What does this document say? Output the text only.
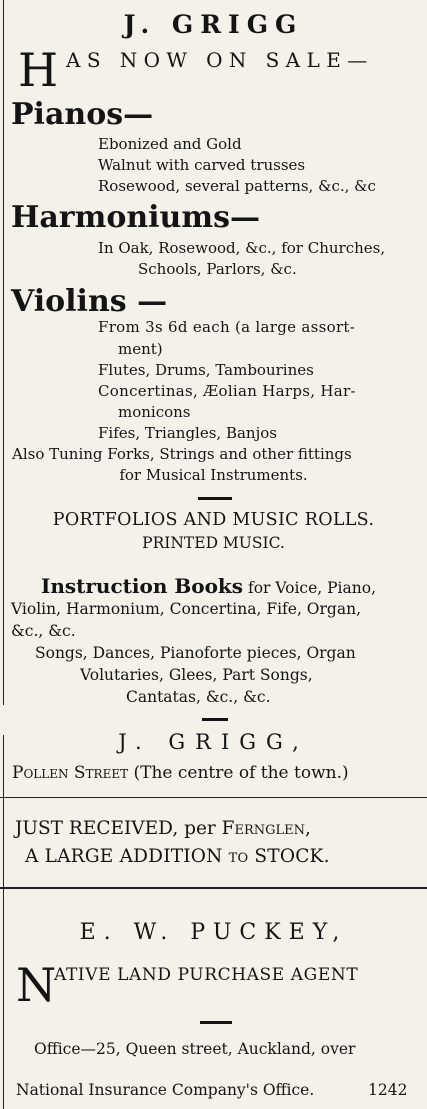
J. GRIGG
H AS NOW ON SALE—
Pianos—
Ebonized and Gold
Walnut with carved trusses
Rosewood, several patterns, &c., &c
Harmoniums—
In Oak, Rosewood, &c., for Churches,
Schools, Parlors, &c.
Violins —
From 3s 6d each (a large assort-
ment)
Flutes, Drums, Tambourines
Concertinas, Æolian Harps, Har-
monicons
Fifes, Triangles, Banjos
Also Tuning Forks, Strings and other fittings
for Musical Instruments.
PORTFOLIOS AND MUSIC ROLLS.
PRINTED MUSIC.
Instruction Books for Voice, Piano,
Violin, Harmonium, Concertina, Fife, Organ,
&c., &c.
Songs, Dances, Pianoforte pieces, Organ
Volutaries, Glees, Part Songs,
Cantatas, &c., &c.
J. GRIGG,
Pollen Street (The centre of the town.)
JUST RECEIVED, per Fernglen,
A LARGE ADDITION to STOCK.
E. W. PUCKEY,
N
ATIVE LAND PURCHASE AGENT
Office—25, Queen street, Auckland, over
National Insurance Company's Office.	1242
